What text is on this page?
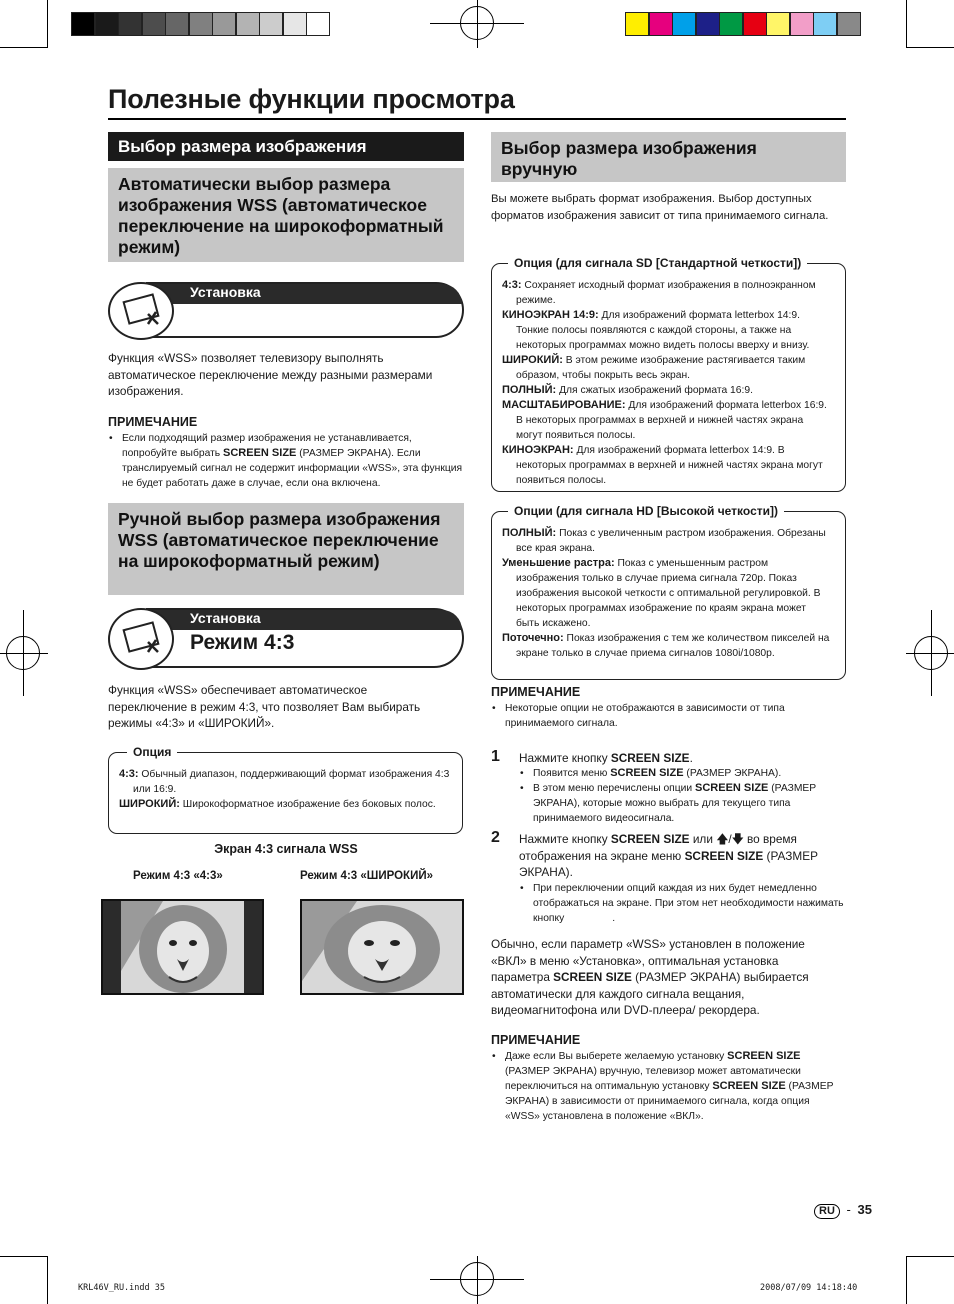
Полезные функции просмотра
Выбор размера изображения
Автоматически выбор размера изображения WSS (автоматическое переключение на широкоформатный режим)
Установка
Функция «WSS» позволяет телевизору выполнять автоматическое переключение между разными размерами изображения.
ПРИМЕЧАНИЕ
• Если подходящий размер изображения не устанавливается, попробуйте выбрать SCREEN SIZE (РАЗМЕР ЭКРАНА). Если транслируемый сигнал не содержит информации «WSS», эта функция не будет работать даже в случае, если она включена.
Ручной выбор размера изображения WSS (автоматическое переключение на широкоформатный режим)
Установка
Режим 4:3
Функция «WSS» обеспечивает автоматическое переключение в режим 4:3, что позволяет Вам выбирать режимы «4:3» и «ШИРОКИЙ».
Опция
4:3: Обычный диапазон, поддерживающий формат изображения 4:3 или 16:9.
ШИРОКИЙ: Широкоформатное изображение без боковых полос.
Экран 4:3 сигнала WSS
Режим 4:3 «4:3»	Режим 4:3 «ШИРОКИЙ»
Выбор размера изображения вручную
Вы можете выбрать формат изображения. Выбор доступных форматов изображения зависит от типа принимаемого сигнала.
Опция (для сигнала SD [Стандартной четкости])
4:3: Сохраняет исходный формат изображения в полноэкранном режиме.
КИНОЭКРАН 14:9: Для изображений формата letterbox 14:9. Тонкие полосы появляются с каждой стороны, а также на некоторых программах можно видеть полосы вверху и внизу.
ШИРОКИЙ: В этом режиме изображение растягивается таким образом, чтобы покрыть весь экран.
ПОЛНЫЙ: Для сжатых изображений формата 16:9.
МАСШТАБИРОВАНИЕ: Для изображений формата letterbox 16:9. В некоторых программах в верхней и нижней частях экрана могут появиться полосы.
КИНОЭКРАН: Для изображений формата letterbox 14:9. В некоторых программах в верхней и нижней частях экрана могут появиться полосы.
Опции (для сигнала HD [Высокой четкости])
ПОЛНЫЙ: Показ с увеличенным растром изображения. Обрезаны все края экрана.
Уменьшение растра: Показ с уменьшенным растром изображения только в случае приема сигнала 720p. Показ изображения высокой четкости с оптимальной регулировкой. В некоторых программах изображение по краям экрана может быть искажено.
Поточечно: Показ изображения с тем же количеством пикселей на экране только в случае приема сигналов 1080i/1080p.
ПРИМЕЧАНИЕ
• Некоторые опции не отображаются в зависимости от типа принимаемого сигнала.
1 Нажмите кнопку SCREEN SIZE.
• Появится меню SCREEN SIZE (РАЗМЕР ЭКРАНА).
• В этом меню перечислены опции SCREEN SIZE (РАЗМЕР ЭКРАНА), которые можно выбрать для текущего типа принимаемого видеосигнала.
2 Нажмите кнопку SCREEN SIZE или 🡅/🡇 во время отображения на экране меню SCREEN SIZE (РАЗМЕР ЭКРАНА).
• При переключении опций каждая из них будет немедленно отображаться на экране. При этом нет необходимости нажимать кнопку	.
Обычно, если параметр «WSS» установлен в положение «ВКЛ» в меню «Установка», оптимальная установка параметра SCREEN SIZE (РАЗМЕР ЭКРАНА) выбирается автоматически для каждого сигнала вещания, видеомагнитофона или DVD-плеера/ рекордера.
ПРИМЕЧАНИЕ
• Даже если Вы выберете желаемую установку SCREEN SIZE (РАЗМЕР ЭКРАНА) вручную, телевизор может автоматически переключиться на оптимальную установку SCREEN SIZE (РАЗМЕР ЭКРАНА) в зависимости от принимаемого сигнала, когда опция «WSS» установлена в положение «ВКЛ».
RU - 35
KRL46V_RU.indd 35	2008/07/09 14:18:40
